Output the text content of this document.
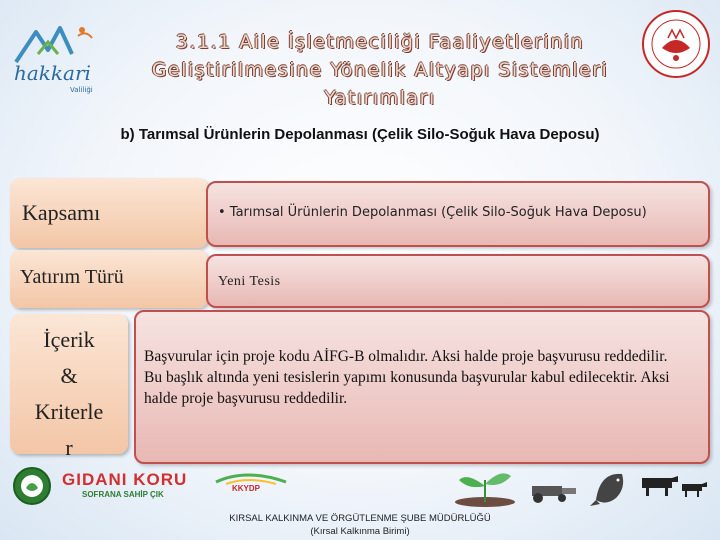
hakkari
Valiliği
3.1.1 Aile İşletmeciliği Faaliyetlerinin
Geliştirilmesine Yönelik Altyapı Sistemleri
Yatırımları
b) Tarımsal Ürünlerin Depolanması (Çelik Silo-Soğuk Hava Deposu)
Kapsamı	• Tarımsal Ürünlerin Depolanması (Çelik Silo-Soğuk Hava Deposu)
Yatırım Türü	Yeni Tesis
İçerik
&
Kriterle
r
Başvurular için proje kodu AİFG-B olmalıdır. Aksi halde proje başvurusu reddedilir.
Bu başlık altında yeni tesislerin yapımı konusunda başvurular kabul edilecektir. Aksi halde proje başvurusu reddedilir.
GIDANI KORU
SOFRANA SAHİP ÇIK
KKYDP
KIRSAL KALKINMA VE ÖRGÜTLENME ŞUBE MÜDÜRLÜĞÜ
(Kırsal Kalkınma Birimi)
